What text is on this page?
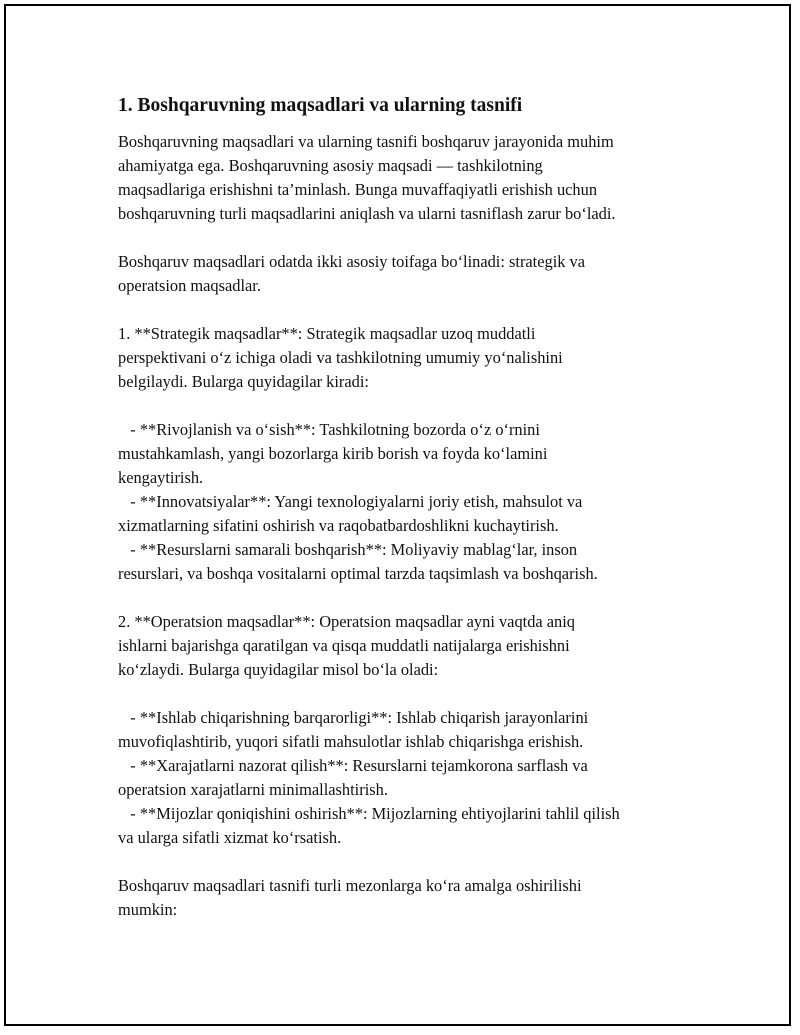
1. Boshqaruvning maqsadlari va ularning tasnifi

Boshqaruvning maqsadlari va ularning tasnifi boshqaruv jarayonida muhim
ahamiyatga ega. Boshqaruvning asosiy maqsadi — tashkilotning
maqsadlariga erishishni ta’minlash. Bunga muvaffaqiyatli erishish uchun
boshqaruvning turli maqsadlarini aniqlash va ularni tasniflash zarur bo‘ladi.

Boshqaruv maqsadlari odatda ikki asosiy toifaga bo‘linadi: strategik va
operatsion maqsadlar.

1. **Strategik maqsadlar**: Strategik maqsadlar uzoq muddatli
perspektivani o‘z ichiga oladi va tashkilotning umumiy yo‘nalishini
belgilaydi. Bularga quyidagilar kiradi:

- **Rivojlanish va o‘sish**: Tashkilotning bozorda o‘z o‘rnini
mustahkamlash, yangi bozorlarga kirib borish va foyda ko‘lamini
kengaytirish.
- **Innovatsiyalar**: Yangi texnologiyalarni joriy etish, mahsulot va
xizmatlarning sifatini oshirish va raqobatbardoshlikni kuchaytirish.
- **Resurslarni samarali boshqarish**: Moliyaviy mablag‘lar, inson
resurslari, va boshqa vositalarni optimal tarzda taqsimlash va boshqarish.

2. **Operatsion maqsadlar**: Operatsion maqsadlar ayni vaqtda aniq
ishlarni bajarishga qaratilgan va qisqa muddatli natijalarga erishishni
ko‘zlaydi. Bularga quyidagilar misol bo‘la oladi:

- **Ishlab chiqarishning barqarorligi**: Ishlab chiqarish jarayonlarini
muvofiqlashtirib, yuqori sifatli mahsulotlar ishlab chiqarishga erishish.
- **Xarajatlarni nazorat qilish**: Resurslarni tejamkorona sarflash va
operatsion xarajatlarni minimallashtirish.
- **Mijozlar qoniqishini oshirish**: Mijozlarning ehtiyojlarini tahlil qilish
va ularga sifatli xizmat ko‘rsatish.

Boshqaruv maqsadlari tasnifi turli mezonlarga ko‘ra amalga oshirilishi
mumkin:
